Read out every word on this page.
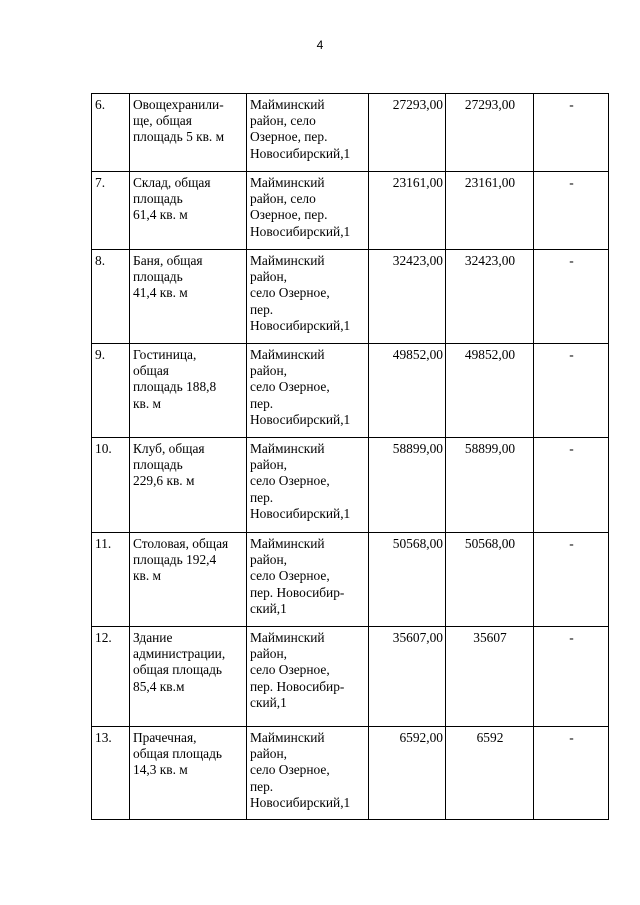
4
6.	Овощехранили-
ще, общая
площадь 5 кв. м	Майминский
район, село
Озерное, пер.
Новосибирский,1	27293,00	27293,00	-
7.	Склад, общая
площадь
61,4 кв. м	Майминский
район, село
Озерное, пер.
Новосибирский,1	23161,00	23161,00	-
8.	Баня, общая
площадь
41,4 кв. м	Майминский
район,
село Озерное,
пер.
Новосибирский,1	32423,00	32423,00	-
9.	Гостиница,
общая
площадь 188,8
кв. м	Майминский
район,
село Озерное,
пер.
Новосибирский,1	49852,00	49852,00	-
10.	Клуб, общая
площадь
229,6 кв. м	Майминский
район,
село Озерное,
пер.
Новосибирский,1	58899,00	58899,00	-
11.	Столовая, общая
площадь 192,4
кв. м	Майминский
район,
село Озерное,
пер. Новосибир-
ский,1	50568,00	50568,00	-
12.	Здание
администрации,
общая площадь
85,4 кв.м	Майминский
район,
село Озерное,
пер. Новосибир-
ский,1	35607,00	35607	-
13.	Прачечная,
общая площадь
14,3 кв. м	Майминский
район,
село Озерное,
пер.
Новосибирский,1	6592,00	6592	-
